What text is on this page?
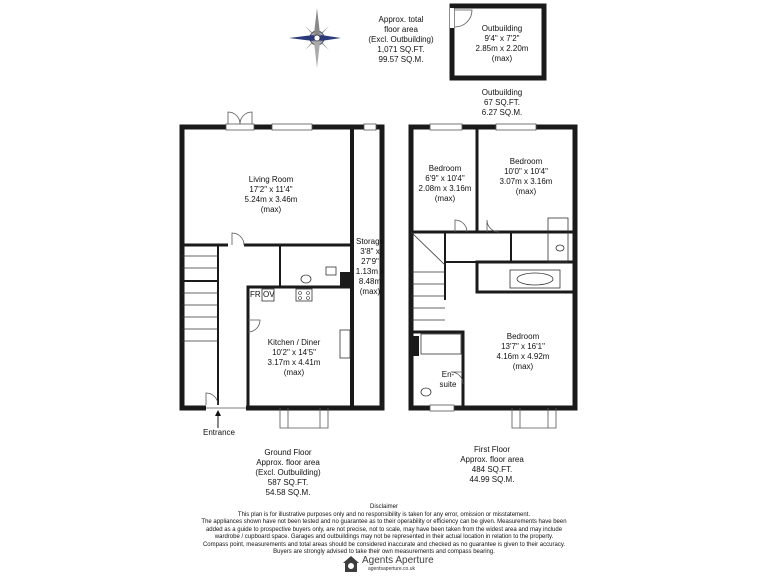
Approx. total
floor area
(Excl. Outbuilding)
1,071 SQ.FT.
99.57 SQ.M.
Outbuilding
9'4" x 7'2"
2.85m x 2.20m
(max)
Outbuilding
67 SQ.FT.
6.27 SQ.M.
Living Room
17'2" x 11'4"
5.24m x 3.46m
(max)
Storage
3'8" x
27'9"
1.13m x
8.48m
(max)
FR OV
Kitchen / Diner
10'2" x 14'5"
3.17m x 4.41m
(max)
Entrance
Ground Floor
Approx. floor area
(Excl. Outbuilding)
587 SQ.FT.
54.58 SQ.M.
Bedroom
6'9" x 10'4"
2.08m x 3.16m
(max)
Bedroom
10'0" x 10'4"
3.07m x 3.16m
(max)
En-
suite
Bedroom
13'7" x 16'1"
4.16m x 4.92m
(max)
First Floor
Approx. floor area
484 SQ.FT.
44.99 SQ.M.
Disclaimer
This plan is for illustrative purposes only and no responsibility is taken for any error, omission or misstatement.
The appliances shown have not been tested and no guarantee as to their operability or efficiency can be given. Measurements have been
added as a guide to prospective buyers only, are not precise, not to scale, may have been taken from the widest area and may include
wardrobe / cupboard space. Garages and outbuildings may not be represented in their actual location in relation to the property.
Compass point, measurements and total areas should be considered inaccurate and checked as no guarantee is given to their accuracy.
Buyers are strongly advised to take their own measurements and compass bearing.
Agents Aperture
agentsaperture.co.uk
